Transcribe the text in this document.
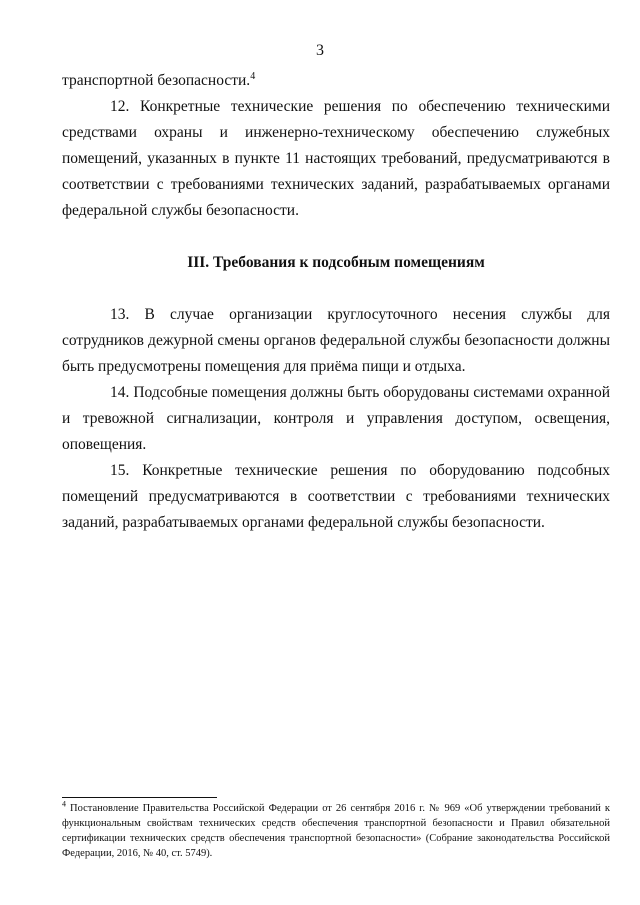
3

транспортной безопасности.$^4$

12. Конкретные технические решения по обеспечению техническими средствами охраны и инженерно-техническому обеспечению служебных помещений, указанных в пункте 11 настоящих требований, предусматриваются в соответствии с требованиями технических заданий, разрабатываемых органами федеральной службы безопасности.

III. Требования к подсобным помещениям

13. В случае организации круглосуточного несения службы для сотрудников дежурной смены органов федеральной службы безопасности должны быть предусмотрены помещения для приёма пищи и отдыха.

14. Подсобные помещения должны быть оборудованы системами охранной и тревожной сигнализации, контроля и управления доступом, освещения, оповещения.

15. Конкретные технические решения по оборудованию подсобных помещений предусматриваются в соответствии с требованиями технических заданий, разрабатываемых органами федеральной службы безопасности.

$^4$ Постановление Правительства Российской Федерации от 26 сентября 2016 г. № 969 «Об утверждении требований к функциональным свойствам технических средств обеспечения транспортной безопасности и Правил обязательной сертификации технических средств обеспечения транспортной безопасности» (Собрание законодательства Российской Федерации, 2016, № 40, ст. 5749).
